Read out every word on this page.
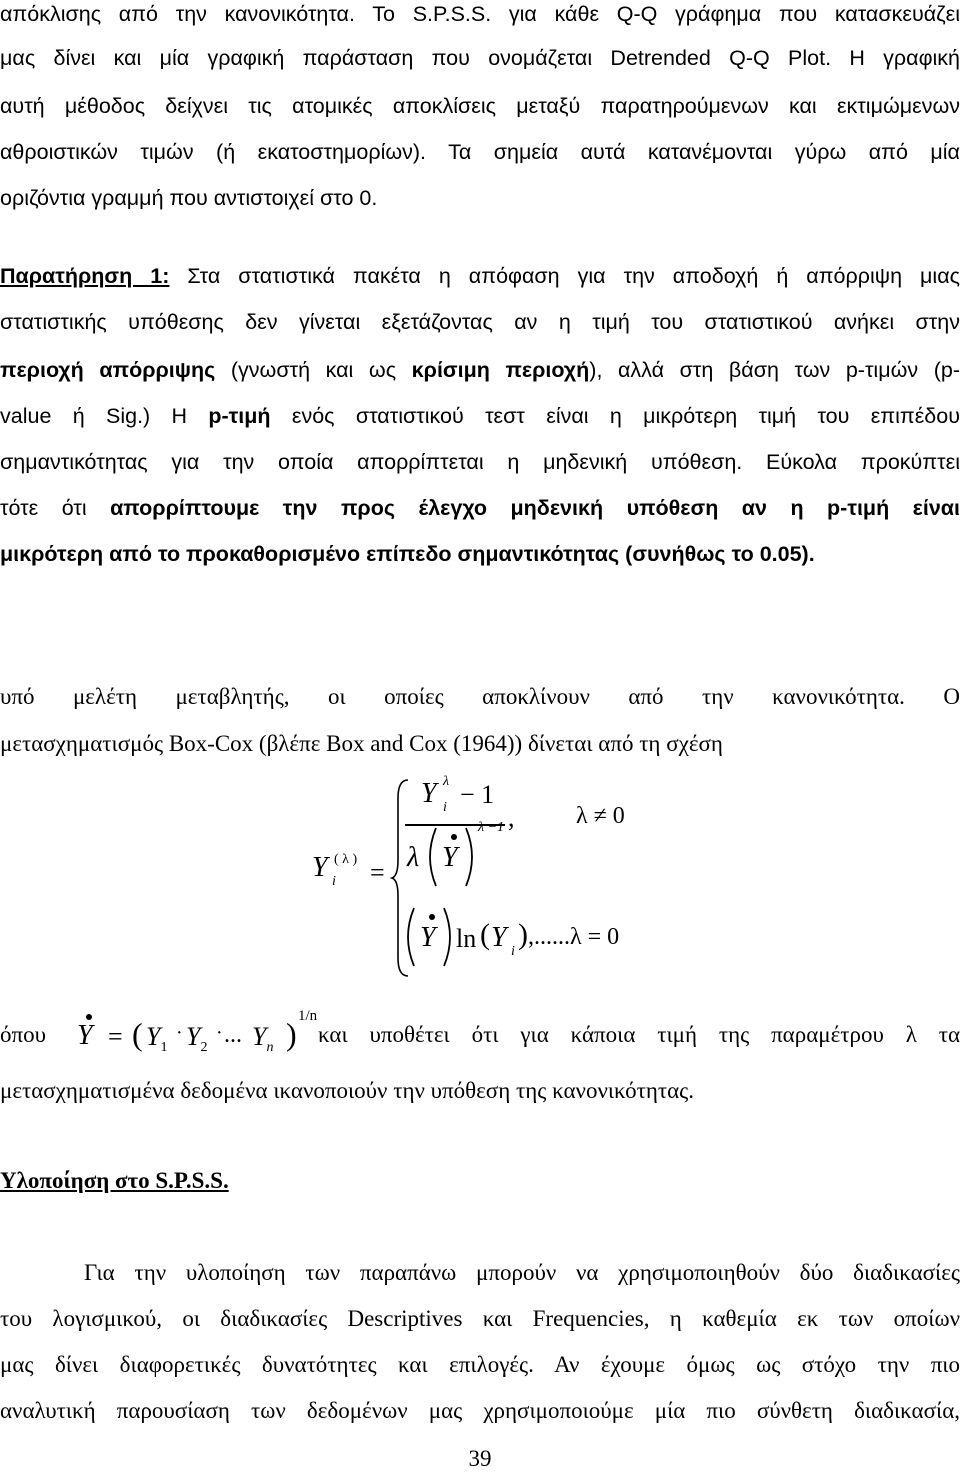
απόκλισης από την κανονικότητα. Το S.P.S.S. για κάθε Q-Q γράφημα που κατασκευάζει
μας δίνει και μία γραφική παράσταση που ονομάζεται Detrended Q-Q Plot. Η γραφική
αυτή μέθοδος δείχνει τις ατομικές αποκλίσεις μεταξύ παρατηρούμενων και εκτιμώμενων
αθροιστικών τιμών (ή εκατοστημορίων). Τα σημεία αυτά κατανέμονται γύρω από μία
οριζόντια γραμμή που αντιστοιχεί στο 0.
Παρατήρηση 1: Στα στατιστικά πακέτα η απόφαση για την αποδοχή ή απόρριψη μιας
στατιστικής υπόθεσης δεν γίνεται εξετάζοντας αν η τιμή του στατιστικού ανήκει στην
περιοχή απόρριψης (γνωστή και ως κρίσιμη περιοχή), αλλά στη βάση των p-τιμών (p-
value ή Sig.) Η p-τιμή ενός στατιστικού τεστ είναι η μικρότερη τιμή του επιπέδου
σημαντικότητας για την οποία απορρίπτεται η μηδενική υπόθεση. Εύκολα προκύπτει
τότε ότι απορρίπτουμε την προς έλεγχο μηδενική υπόθεση αν η p-τιμή είναι
μικρότερη από το προκαθορισμένο επίπεδο σημαντικότητας (συνήθως το 0.05).
υπό μελέτη μεταβλητής, οι οποίες αποκλίνουν από την κανονικότητα. Ο
μετασχηματισμός Box-Cox (βλέπε Box and Cox (1964)) δίνεται από τη σχέση
Y i
( λ ) =
Y i
λ − 1
,	λ ≠ 0
λ Y
λ −1
Y ln ( Y i
) ,......λ = 0
όπου Y = ( $Y_1$
· $Y_2$
· ... $Y_n$ ) 1/n
και υποθέτει ότι για κάποια τιμή της παραμέτρου λ τα
μετασχηματισμένα δεδομένα ικανοποιούν την υπόθεση της κανονικότητας.
Υλοποίηση στο S.P.S.S.
Για την υλοποίηση των παραπάνω μπορούν να χρησιμοποιηθούν δύο διαδικασίες
του λογισμικού, οι διαδικασίες Descriptives και Frequencies, η καθεμία εκ των οποίων
μας δίνει διαφορετικές δυνατότητες και επιλογές. Αν έχουμε όμως ως στόχο την πιο
αναλυτική παρουσίαση των δεδομένων μας χρησιμοποιούμε μία πιο σύνθετη διαδικασία,
39
